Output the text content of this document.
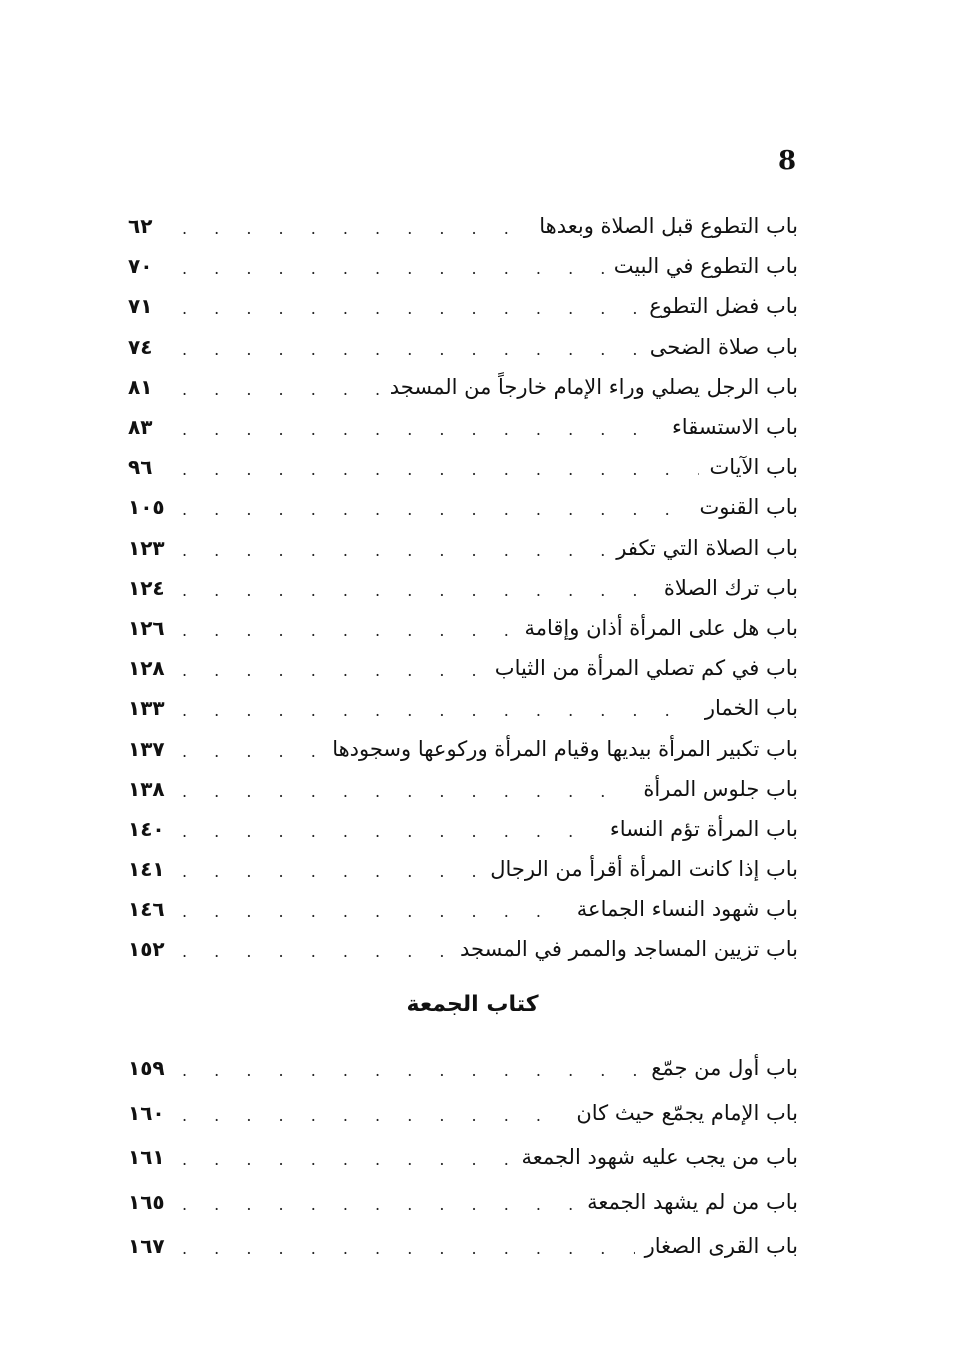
8
باب التطوع قبل الصلاة وبعدها
. . .
٦٢
باب التطوع في البيت
. . .
٧٠
باب فضل التطوع
. . .
٧١
باب صلاة الضحى
. . .
٧٤
باب الرجل يصلي وراء الإمام خارجاً من المسجد
. . .
٨١
باب الاستسقاء
. . .
٨٣
باب الآيات
. . .
٩٦
باب القنوت
. . .
١٠٥
باب الصلاة التي تكفر
. . .
١٢٣
باب ترك الصلاة
. . .
١٢٤
باب هل على المرأة أذان وإقامة
. . .
١٢٦
باب في كم تصلي المرأة من الثياب
. . .
١٢٨
باب الخمار
. . .
١٣٣
باب تكبير المرأة بيديها وقيام المرأة وركوعها وسجودها
. . .
١٣٧
باب جلوس المرأة
. . .
١٣٨
باب المرأة تؤم النساء
. . .
١٤٠
باب إذا كانت المرأة أقرأ من الرجال
. . .
١٤١
باب شهود النساء الجماعة
. . .
١٤٦
باب تزيين المساجد والممر في المسجد
. . .
١٥٢
كتاب الجمعة
باب أول من جمّع
. . .
١٥٩
باب الإمام يجمّع حيث كان
. . .
١٦٠
باب من يجب عليه شهود الجمعة
. . .
١٦١
باب من لم يشهد الجمعة
. . .
١٦٥
باب القرى الصغار
. . .
١٦٧
